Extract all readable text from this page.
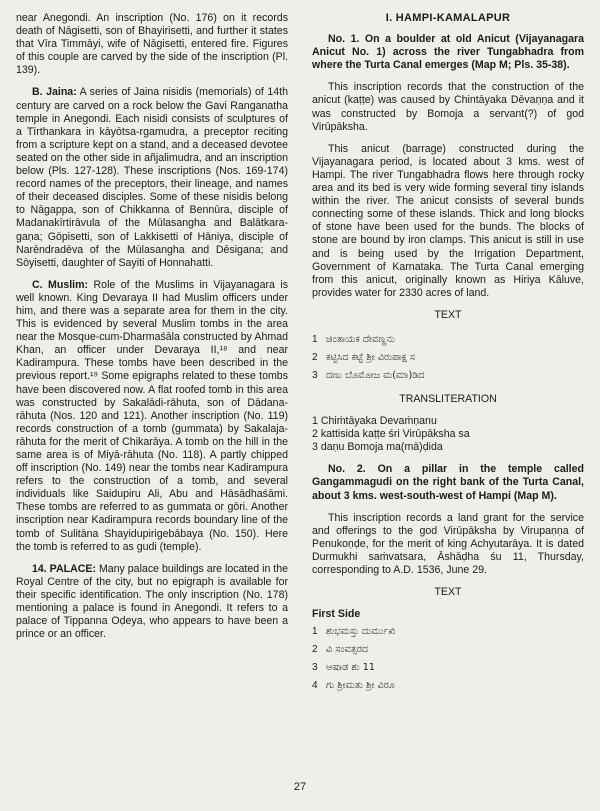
near Anegondi. An inscription (No. 176) on it records death of Nāgisetti, son of Bhayirisetti, and further it states that Vīra Timmāyi, wife of Nāgisetti, entered fire. Figures of this couple are carved by the side of the inscription (Pl. 139).

B. Jaina: A series of Jaina nisidis (memorials) of 14th century are carved on a rock below the Gavi Ranganatha temple in Anegondi. Each nisidi consists of sculptures of a Tīrthankara in kāyōtsa-rgamudra, a preceptor reciting from a scripture kept on a stand, and a deceased devotee seated on the other side in añjalimudra, and an inscription below (Pls. 127-128). These inscriptions (Nos. 169-174) record names of the preceptors, their lineage, and names of their deceased disciples. Some of these nisidis belong to Nāgappa, son of Chikkanna of Bennūra, disciple of Madanakīrtirāvula of the Mūlasangha and Balātkara-gaṇa; Gōpisetti, son of Lakkisetti of Hāniya, disciple of Narēndradēva of the Mūlasangha and Dēsigana; and Sōyisetti, daughter of Sayiti of Honnahatti.

C. Muslim: Role of the Muslims in Vijayanagara is well known. King Devaraya II had Muslim officers under him, and there was a separate area for them in the city. This is evidenced by several Muslim tombs in the area near the Mosque-cum-Dharmaśāla constructed by Ahmad Khan, an officer under Devaraya II,¹⁸ and near Kadirampura. These tombs have been described in the previous report.¹⁹ Some epigraphs related to these tombs have been discovered now. A flat roofed tomb in this area was constructed by Sakalādi-rāhuta, son of Dādana-rāhuta (Nos. 120 and 121). Another inscription (No. 119) records construction of a tomb (gummata) by Sakalaja-rāhuta for the merit of Chikarāya. A tomb on the hill in the same area is of Miyā-rāhuta (No. 118). A partly chipped off inscription (No. 149) near the tombs near Kadirampura refers to the construction of a tomb, and several individuals like Saidupiru Ali, Abu and Hāsādhaśāmi. These tombs are referred to as gummata or gōri. Another inscription near Kadirampura records boundary line of the tomb of Sulitāna Shayidupirigebābaya (No. 150). Here the tomb is referred to as gudi (temple).

14. PALACE: Many palace buildings are located in the Royal Centre of the city, but no epigraph is available for their specific identification. The only inscription (No. 178) mentioning a palace is found in Anegondi. It refers to a palace of Tippanna Oḍeya, who appears to have been a prince or an officer.

I. HAMPI-KAMALAPUR

No. 1. On a boulder at old Anicut (Vijayanagara Anicut No. 1) across the river Tungabhadra from where the Turta Canal emerges (Map M; Pls. 35-38).

This inscription records that the construction of the anicut (kaṭṭe) was caused by Chintāyaka Dēvaṇṇa and it was constructed by Bomoja a servant(?) of god Virūpāksha.

This anicut (barrage) constructed during the Vijayanagara period, is located about 3 kms. west of Hampi. The river Tungabhadra flows here through rocky area and its bed is very wide forming several tiny islands within the river. The anicut consists of several bunds connecting some of these islands. Thick and long blocks of stone have been used for the bunds. The blocks of stone are bound by iron clamps. This anicut is still in use and is being used by the Irrigation Department, Government of Karnataka. The Turta Canal emerging from this anicut, originally known as Hiriya Kāluve, provides water for 2330 acres of land.

TEXT

1 ಚಿಂತಾಯಕ ದೇವಣ್ಣನು
2 ಕಟ್ಟಿಸಿದ ಕಟ್ಟೆ ಶ್ರೀ ವಿರುಪಾಕ್ಷ ಸ
3 ದಣು ಬೊಮೋಜ ಮ(ಮಾ)ಡಿದ

TRANSLITERATION

1 Chiṁtāyaka Devaṁṇanu
2 kattisida kaṭṭe śri Virūpāksha sa
3 daṇu Bomoja ma(mā)ḍida

No. 2. On a pillar in the temple called Gangammagudi on the right bank of the Turta Canal, about 3 kms. west-south-west of Hampi (Map M).

This inscription records a land grant for the service and offerings to the god Virūpāksha by Virupaṇṇa of Penukoṇḍe, for the merit of king Achyutarāya. It is dated Durmukhi saṁvatsara, Āshāḍha śu 11, Thursday, corresponding to A.D. 1536, June 29.

TEXT

First Side
1 ಶುಭಮಸ್ತು ದುರ್ಮುಖಿ
2 ವಿ ಸಂವತ್ಸರದ
3 ಆಷಾಡ ಶು 11
4 ಗು ಶ್ರೀಮತು ಶ್ರೀ ವಿರೂ
27
